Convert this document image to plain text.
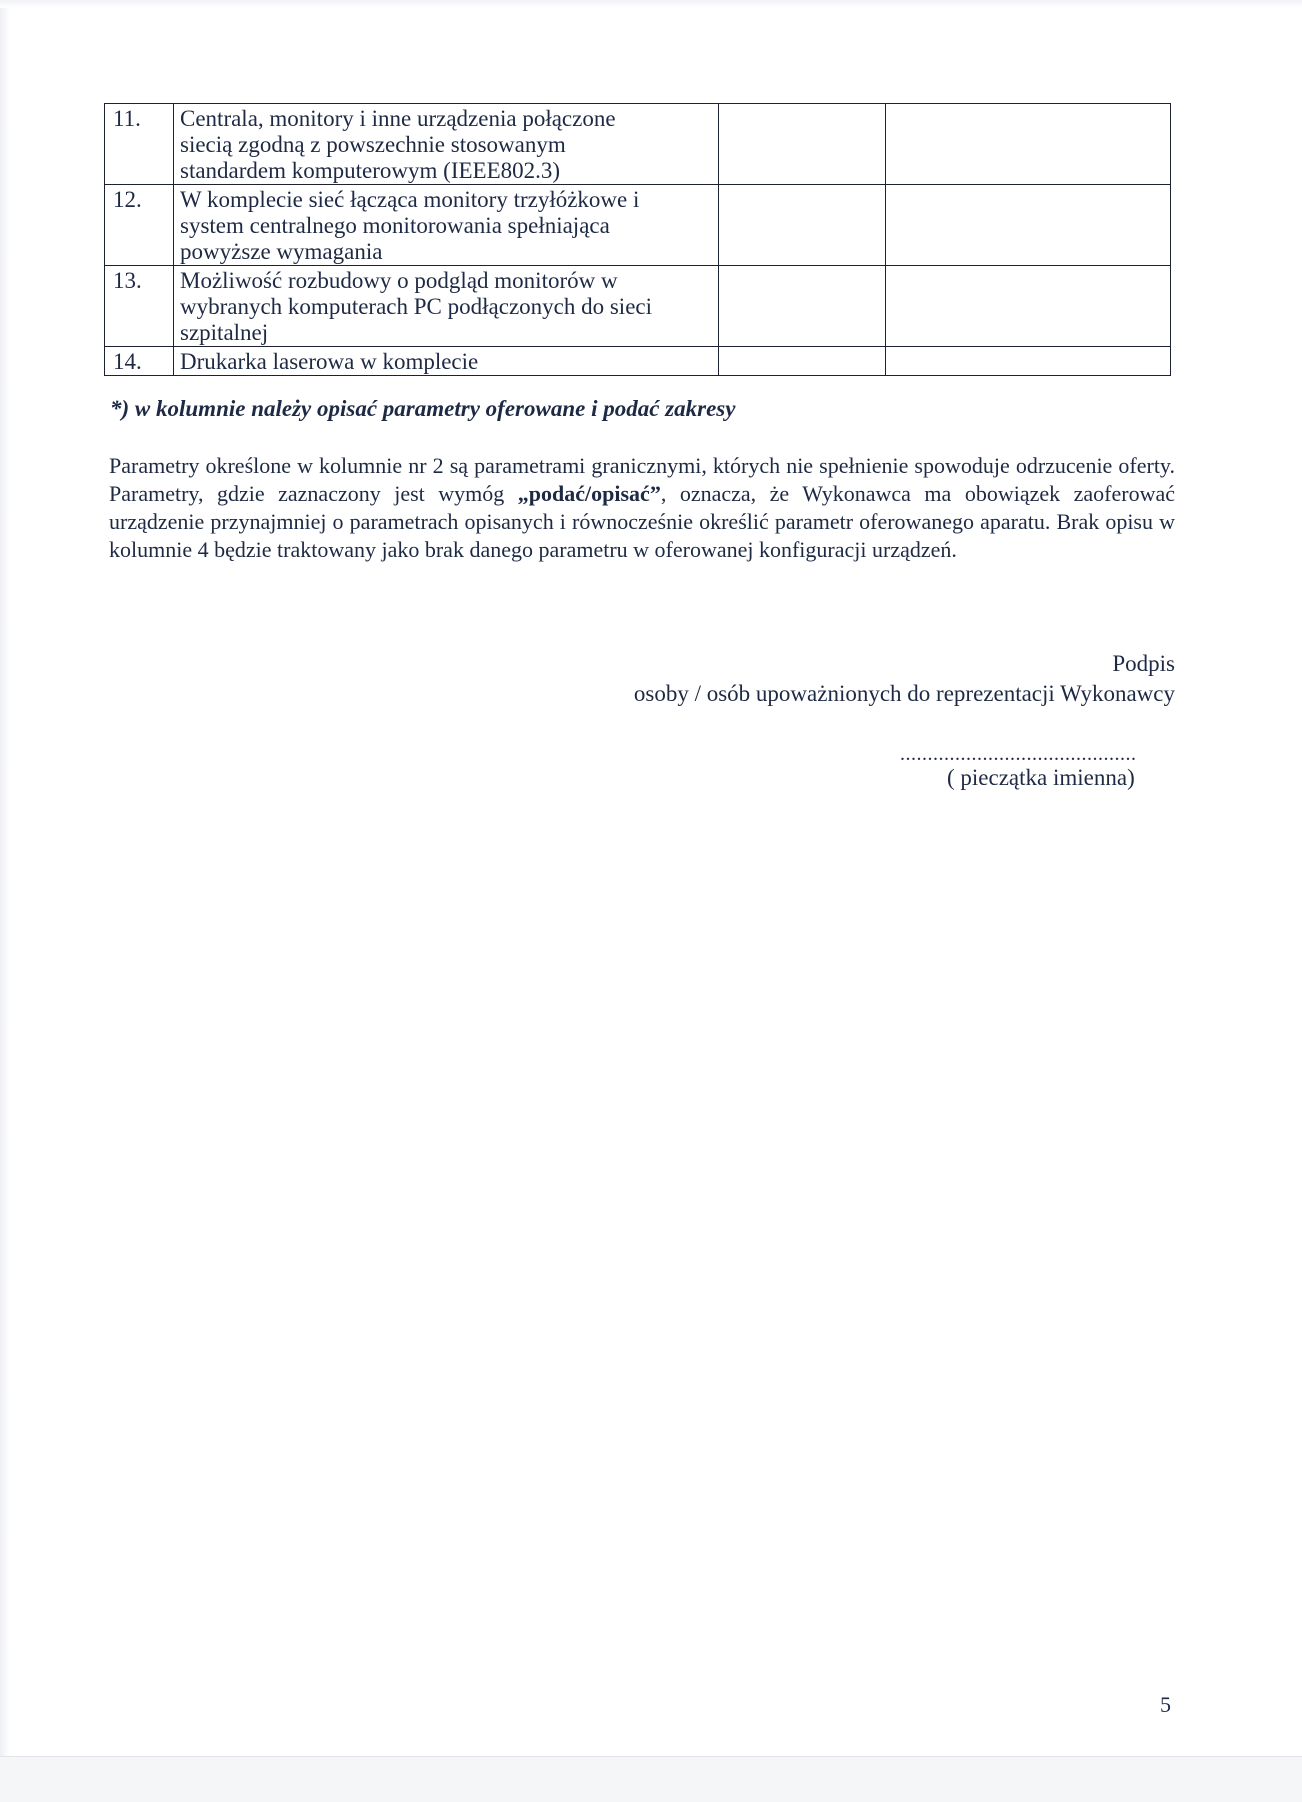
11.	Centrala, monitory i inne urządzenia połączone
siecią zgodną z powszechnie stosowanym
standardem komputerowym (IEEE802.3)		

12.	W komplecie sieć łącząca monitory trzyłóżkowe i
system centralnego monitorowania spełniająca
powyższe wymagania		

13.	Możliwość rozbudowy o podgląd monitorów w
wybranych komputerach PC podłączonych do sieci
szpitalnej		

14.	Drukarka laserowa w komplecie		

*) w kolumnie należy opisać parametry oferowane i podać zakresy

Parametry określone w kolumnie nr 2 są parametrami granicznymi, których nie spełnienie spowoduje odrzucenie oferty. Parametry, gdzie zaznaczony jest wymóg „podać/opisać”, oznacza, że Wykonawca ma obowiązek zaoferować urządzenie przynajmniej o parametrach opisanych i równocześnie określić parametr oferowanego aparatu. Brak opisu w kolumnie 4 będzie traktowany jako brak danego parametru w oferowanej konfiguracji urządzeń.

Podpis
osoby / osób upoważnionych do reprezentacji Wykonawcy
...........................................
( pieczątka imienna)
5
